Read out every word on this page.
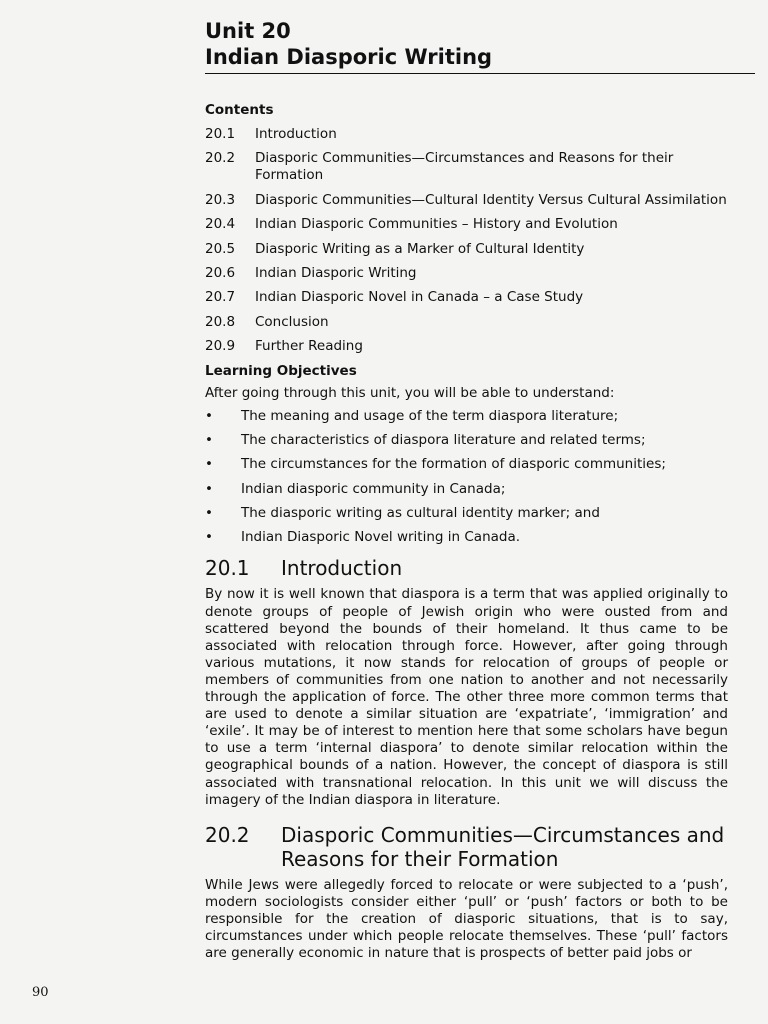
Unit 20
Indian Diasporic Writing
Contents
20.1	Introduction
20.2	Diasporic Communities—Circumstances and Reasons for their Formation
20.3	Diasporic Communities—Cultural Identity Versus Cultural Assimilation
20.4	Indian Diasporic Communities – History and Evolution
20.5	Diasporic Writing as a Marker of Cultural Identity
20.6	Indian Diasporic Writing
20.7	Indian Diasporic Novel in Canada – a Case Study
20.8	Conclusion
20.9	Further Reading
Learning Objectives

After going through this unit, you will be able to understand:

•	The meaning and usage of the term diaspora literature;
•	The characteristics of diaspora literature and related terms;
•	The circumstances for the formation of diasporic communities;
•	Indian diasporic community in Canada;
•	The diasporic writing as cultural identity marker; and
•	Indian Diasporic Novel writing in Canada.
20.1	Introduction

By now it is well known that diaspora is a term that was applied originally to denote groups of people of Jewish origin who were ousted from and scattered beyond the bounds of their homeland. It thus came to be associated with relocation through force. However, after going through various mutations, it now stands for relocation of groups of people or members of communities from one nation to another and not necessarily through the application of force. The other three more common terms that are used to denote a similar situation are ‘expatriate’, ‘immigration’ and ‘exile’. It may be of interest to mention here that some scholars have begun to use a term ‘internal diaspora’ to denote similar relocation within the geographical bounds of a nation. However, the concept of diaspora is still associated with transnational relocation. In this unit we will discuss the imagery of the Indian diaspora in literature.

20.2	Diasporic Communities—Circumstances and Reasons for their Formation

While Jews were allegedly forced to relocate or were subjected to a ‘push’, modern sociologists consider either ‘pull’ or ‘push’ factors or both to be responsible for the creation of diasporic situations, that is to say, circumstances under which people relocate themselves. These ‘pull’ factors are generally economic in nature that is prospects of better paid jobs or

90
